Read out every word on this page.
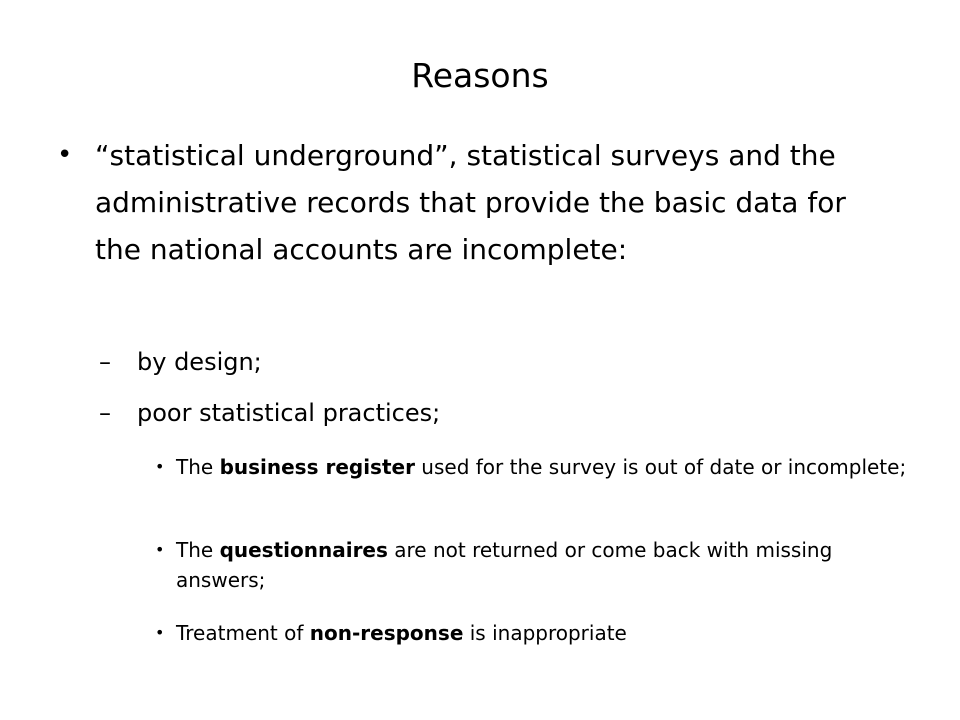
Reasons

• “statistical underground”, statistical surveys and the administrative records that provide the basic data for the national accounts are incomplete:

– by design;

– poor statistical practices;

• The business register used for the survey is out of date or incomplete;

• The questionnaires are not returned or come back with missing answers;

• Treatment of non-response is inappropriate
